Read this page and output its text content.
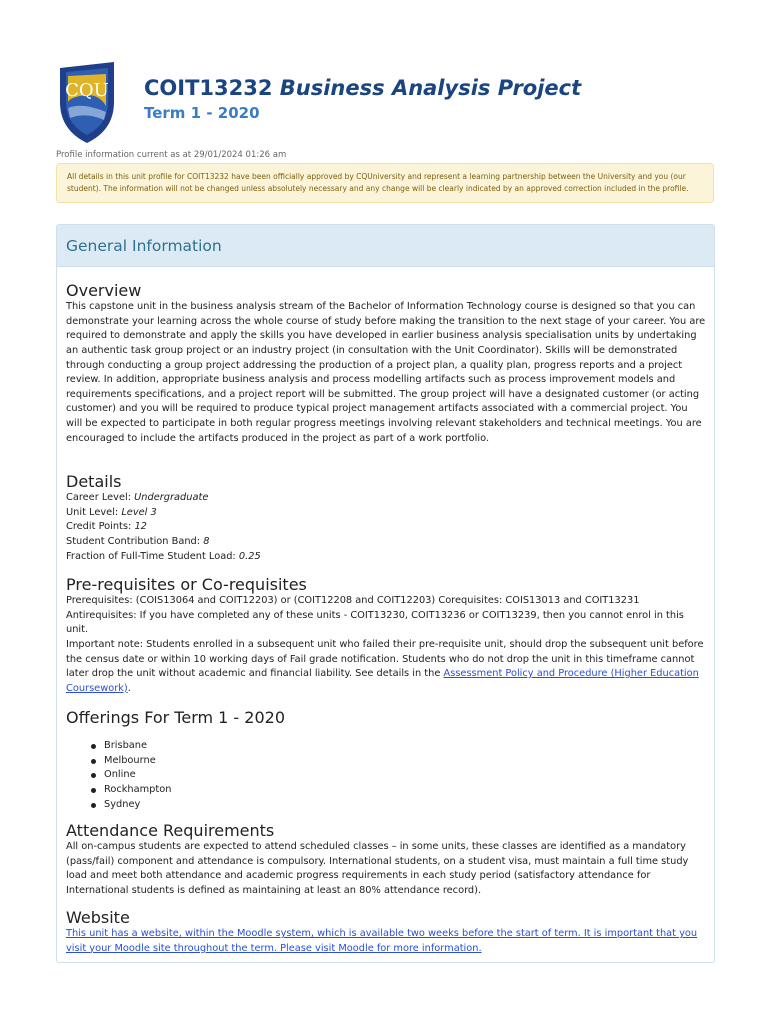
CQU COIT13232 Business Analysis Project
Term 1 - 2020
Profile information current as at 29/01/2024 01:26 am
All details in this unit profile for COIT13232 have been officially approved by CQUniversity and represent a learning partnership between the University and you (our student). The information will not be changed unless absolutely necessary and any change will be clearly indicated by an approved correction included in the profile.
General Information
Overview
This capstone unit in the business analysis stream of the Bachelor of Information Technology course is designed so that you can demonstrate your learning across the whole course of study before making the transition to the next stage of your career. You are required to demonstrate and apply the skills you have developed in earlier business analysis specialisation units by undertaking an authentic task group project or an industry project (in consultation with the Unit Coordinator). Skills will be demonstrated through conducting a group project addressing the production of a project plan, a quality plan, progress reports and a project review. In addition, appropriate business analysis and process modelling artifacts such as process improvement models and requirements specifications, and a project report will be submitted. The group project will have a designated customer (or acting customer) and you will be required to produce typical project management artifacts associated with a commercial project. You will be expected to participate in both regular progress meetings involving relevant stakeholders and technical meetings. You are encouraged to include the artifacts produced in the project as part of a work portfolio.
Details
Career Level: Undergraduate
Unit Level: Level 3
Credit Points: 12
Student Contribution Band: 8
Fraction of Full-Time Student Load: 0.25
Pre-requisites or Co-requisites
Prerequisites: (COIS13064 and COIT12203) or (COIT12208 and COIT12203) Corequisites: COIS13013 and COIT13231
Antirequisites: If you have completed any of these units - COIT13230, COIT13236 or COIT13239, then you cannot enrol in this unit.
Important note: Students enrolled in a subsequent unit who failed their pre-requisite unit, should drop the subsequent unit before the census date or within 10 working days of Fail grade notification. Students who do not drop the unit in this timeframe cannot later drop the unit without academic and financial liability. See details in the Assessment Policy and Procedure (Higher Education Coursework).
Offerings For Term 1 - 2020
Brisbane
Melbourne
Online
Rockhampton
Sydney
Attendance Requirements
All on-campus students are expected to attend scheduled classes – in some units, these classes are identified as a mandatory (pass/fail) component and attendance is compulsory. International students, on a student visa, must maintain a full time study load and meet both attendance and academic progress requirements in each study period (satisfactory attendance for International students is defined as maintaining at least an 80% attendance record).
Website
This unit has a website, within the Moodle system, which is available two weeks before the start of term. It is important that you visit your Moodle site throughout the term. Please visit Moodle for more information.
